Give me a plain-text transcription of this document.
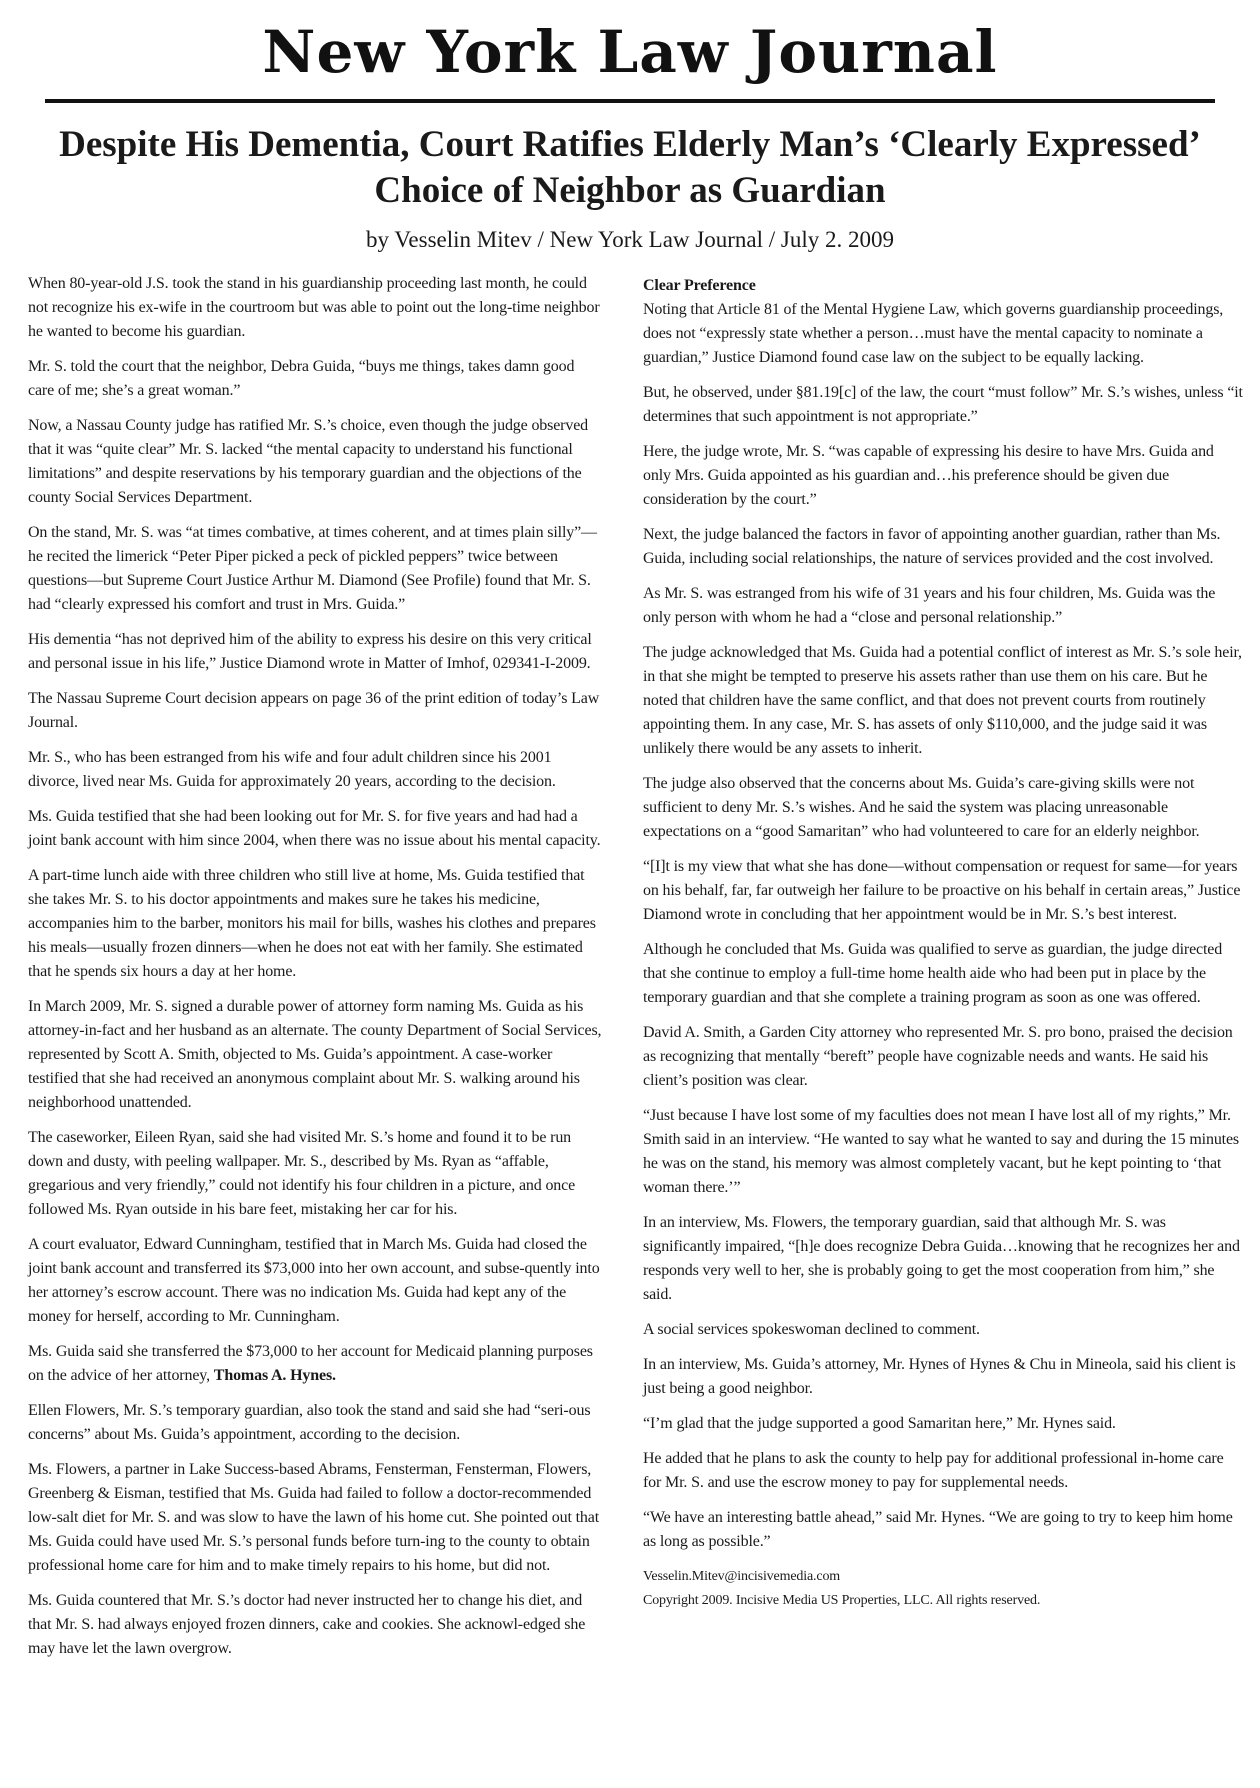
New York Law Journal
Despite His Dementia, Court Ratifies Elderly Man’s ‘Clearly Expressed’
Choice of Neighbor as Guardian
by Vesselin Mitev / New York Law Journal / July 2. 2009

When 80-year-old J.S. took the stand in his guardianship proceeding last month, he could not recognize his ex-wife in the courtroom but was able to point out the long-time neighbor he wanted to become his guardian.

Mr. S. told the court that the neighbor, Debra Guida, “buys me things, takes damn good care of me; she’s a great woman.”

Now, a Nassau County judge has ratified Mr. S.’s choice, even though the judge observed that it was “quite clear” Mr. S. lacked “the mental capacity to understand his functional limitations” and despite reservations by his temporary guardian and the objections of the county Social Services Department.

On the stand, Mr. S. was “at times combative, at times coherent, and at times plain silly”—he recited the limerick “Peter Piper picked a peck of pickled peppers” twice between questions—but Supreme Court Justice Arthur M. Diamond (See Profile) found that Mr. S. had “clearly expressed his comfort and trust in Mrs. Guida.”

His dementia “has not deprived him of the ability to express his desire on this very critical and personal issue in his life,” Justice Diamond wrote in Matter of Imhof, 029341-I-2009.

The Nassau Supreme Court decision appears on page 36 of the print edition of today’s Law Journal.

Mr. S., who has been estranged from his wife and four adult children since his 2001 divorce, lived near Ms. Guida for approximately 20 years, according to the decision.

Ms. Guida testified that she had been looking out for Mr. S. for five years and had had a joint bank account with him since 2004, when there was no issue about his mental capacity.

A part-time lunch aide with three children who still live at home, Ms. Guida testified that she takes Mr. S. to his doctor appointments and makes sure he takes his medicine, accompanies him to the barber, monitors his mail for bills, washes his clothes and prepares his meals—usually frozen dinners—when he does not eat with her family. She estimated that he spends six hours a day at her home.

In March 2009, Mr. S. signed a durable power of attorney form naming Ms. Guida as his attorney-in-fact and her husband as an alternate. The county Department of Social Services, represented by Scott A. Smith, objected to Ms. Guida’s appointment. A case-worker testified that she had received an anonymous complaint about Mr. S. walking around his neighborhood unattended.

The caseworker, Eileen Ryan, said she had visited Mr. S.’s home and found it to be run down and dusty, with peeling wallpaper. Mr. S., described by Ms. Ryan as “affable, gregarious and very friendly,” could not identify his four children in a picture, and once followed Ms. Ryan outside in his bare feet, mistaking her car for his.

A court evaluator, Edward Cunningham, testified that in March Ms. Guida had closed the joint bank account and transferred its $73,000 into her own account, and subse-quently into her attorney’s escrow account. There was no indication Ms. Guida had kept any of the money for herself, according to Mr. Cunningham.

Ms. Guida said she transferred the $73,000 to her account for Medicaid planning purposes on the advice of her attorney, Thomas A. Hynes.

Ellen Flowers, Mr. S.’s temporary guardian, also took the stand and said she had “seri-ous concerns” about Ms. Guida’s appointment, according to the decision.

Ms. Flowers, a partner in Lake Success-based Abrams, Fensterman, Fensterman, Flowers, Greenberg & Eisman, testified that Ms. Guida had failed to follow a doctor-recommended low-salt diet for Mr. S. and was slow to have the lawn of his home cut. She pointed out that Ms. Guida could have used Mr. S.’s personal funds before turn-ing to the county to obtain professional home care for him and to make timely repairs to his home, but did not.

Ms. Guida countered that Mr. S.’s doctor had never instructed her to change his diet, and that Mr. S. had always enjoyed frozen dinners, cake and cookies. She acknowl-edged she may have let the lawn overgrow.

Clear Preference

Noting that Article 81 of the Mental Hygiene Law, which governs guardianship proceedings, does not “expressly state whether a person…must have the mental capacity to nominate a guardian,” Justice Diamond found case law on the subject to be equally lacking.

But, he observed, under §81.19[c] of the law, the court “must follow” Mr. S.’s wishes, unless “it determines that such appointment is not appropriate.”

Here, the judge wrote, Mr. S. “was capable of expressing his desire to have Mrs. Guida and only Mrs. Guida appointed as his guardian and…his preference should be given due consideration by the court.”

Next, the judge balanced the factors in favor of appointing another guardian, rather than Ms. Guida, including social relationships, the nature of services provided and the cost involved.

As Mr. S. was estranged from his wife of 31 years and his four children, Ms. Guida was the only person with whom he had a “close and personal relationship.”

The judge acknowledged that Ms. Guida had a potential conflict of interest as Mr. S.’s sole heir, in that she might be tempted to preserve his assets rather than use them on his care. But he noted that children have the same conflict, and that does not prevent courts from routinely appointing them. In any case, Mr. S. has assets of only $110,000, and the judge said it was unlikely there would be any assets to inherit.

The judge also observed that the concerns about Ms. Guida’s care-giving skills were not sufficient to deny Mr. S.’s wishes. And he said the system was placing unreasonable expectations on a “good Samaritan” who had volunteered to care for an elderly neighbor.

“[I]t is my view that what she has done—without compensation or request for same—for years on his behalf, far, far outweigh her failure to be proactive on his behalf in certain areas,” Justice Diamond wrote in concluding that her appointment would be in Mr. S.’s best interest.

Although he concluded that Ms. Guida was qualified to serve as guardian, the judge directed that she continue to employ a full-time home health aide who had been put in place by the temporary guardian and that she complete a training program as soon as one was offered.

David A. Smith, a Garden City attorney who represented Mr. S. pro bono, praised the decision as recognizing that mentally “bereft” people have cognizable needs and wants. He said his client’s position was clear.

“Just because I have lost some of my faculties does not mean I have lost all of my rights,” Mr. Smith said in an interview. “He wanted to say what he wanted to say and during the 15 minutes he was on the stand, his memory was almost completely vacant, but he kept pointing to ‘that woman there.’”

In an interview, Ms. Flowers, the temporary guardian, said that although Mr. S. was significantly impaired, “[h]e does recognize Debra Guida…knowing that he recognizes her and responds very well to her, she is probably going to get the most cooperation from him,” she said.

A social services spokeswoman declined to comment.

In an interview, Ms. Guida’s attorney, Mr. Hynes of Hynes & Chu in Mineola, said his client is just being a good neighbor.

“I’m glad that the judge supported a good Samaritan here,” Mr. Hynes said.

He added that he plans to ask the county to help pay for additional professional in-home care for Mr. S. and use the escrow money to pay for supplemental needs.

“We have an interesting battle ahead,” said Mr. Hynes. “We are going to try to keep him home as long as possible.”

Vesselin.Mitev@incisivemedia.com

Copyright 2009. Incisive Media US Properties, LLC. All rights reserved.
